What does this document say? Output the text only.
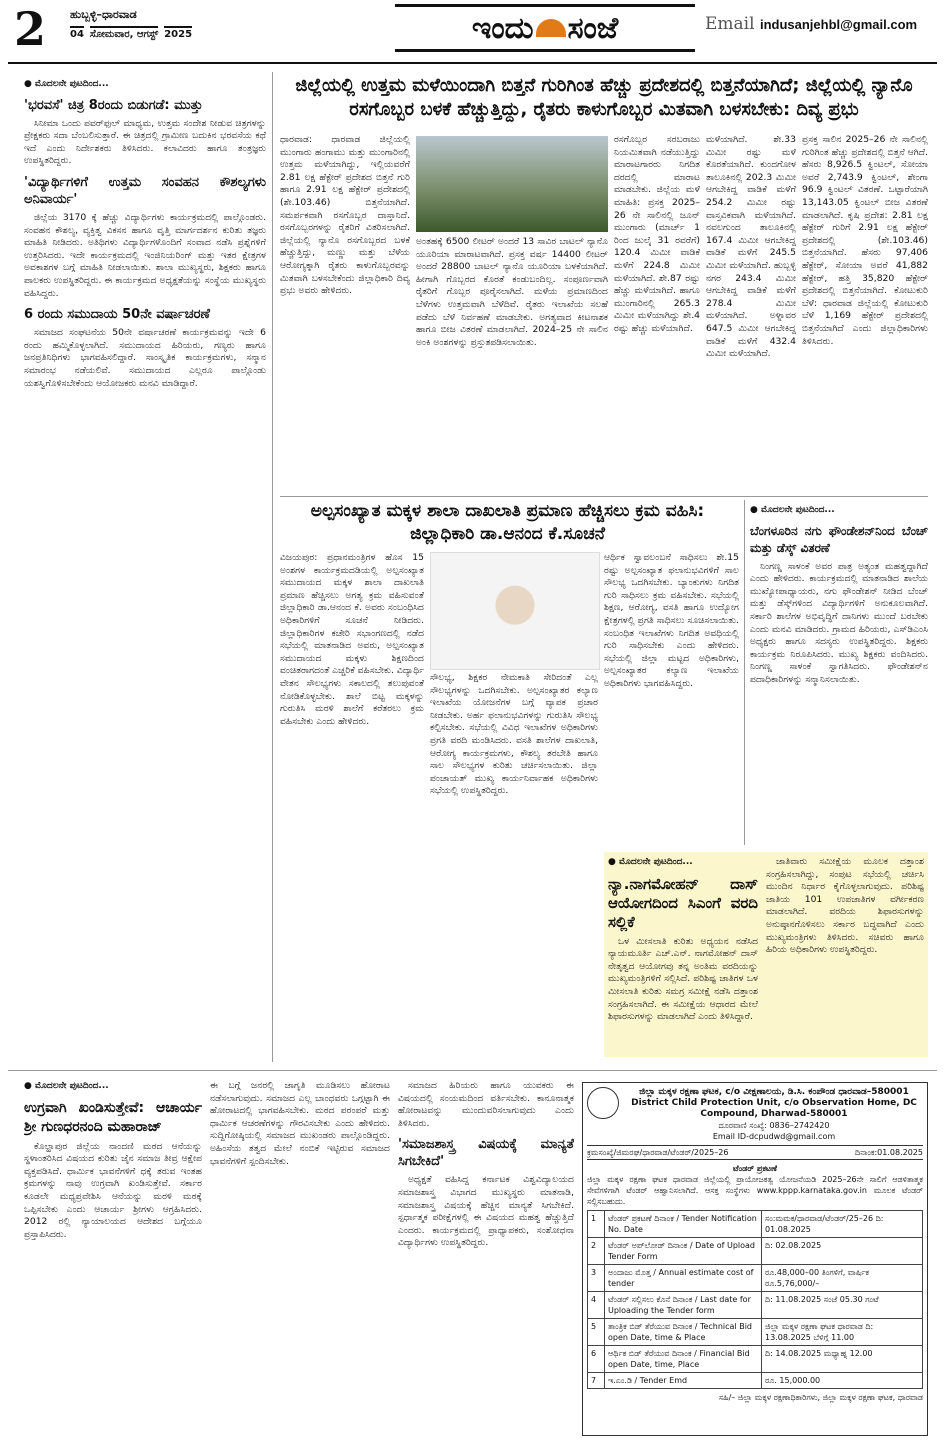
2 ಹುಬ್ಬಳ್ಳಿ–ಧಾರವಾಡ
04 ಸೋಮವಾರ, ಆಗಸ್ಟ್ 2025	ಇಂದು ಸಂಜೆ	Email indusanjehbl@gmail.com
● ಮೊದಲನೇ ಪುಟದಿಂದ...
'ಭರವಸೆ' ಚಿತ್ರ 8ರಂದು ಬಿಡುಗಡೆ: ಮುತ್ತು

ಸಿನೀಮಾ ಒಂದು ಪವರ್‌ಫುಲ್‌ ಮಾಧ್ಯಮ, ಉತ್ತಮ ಸಂದೇಶ ನೀಡುವ ಚಿತ್ರಗಳನ್ನು ಪ್ರೇಕ್ಷಕರು ಸದಾ ಬೆಂಬಲಿಸುತ್ತಾರೆ. ಈ ಚಿತ್ರದಲ್ಲಿ ಗ್ರಾಮೀಣ ಬದುಕಿನ ಭರವಸೆಯ ಕಥೆ ಇದೆ ಎಂದು ನಿರ್ದೇಶಕರು ತಿಳಿಸಿದರು. ಕಲಾವಿದರು ಹಾಗೂ ತಂತ್ರಜ್ಞರು ಉಪಸ್ಥಿತರಿದ್ದರು.

'ವಿದ್ಯಾರ್ಥಿಗಳಿಗೆ ಉತ್ತಮ ಸಂವಹನ ಕೌಶಲ್ಯಗಳು ಅನಿವಾರ್ಯ'

ಜಿಲ್ಲೆಯ 3170 ಕ್ಕೆ ಹೆಚ್ಚು ವಿದ್ಯಾರ್ಥಿಗಳು ಕಾರ್ಯಕ್ರಮದಲ್ಲಿ ಪಾಲ್ಗೊಂಡರು. ಸಂವಹನ ಕೌಶಲ್ಯ, ವ್ಯಕ್ತಿತ್ವ ವಿಕಸನ ಹಾಗೂ ವೃತ್ತಿ ಮಾರ್ಗದರ್ಶನ ಕುರಿತು ತಜ್ಞರು ಮಾಹಿತಿ ನೀಡಿದರು. ಅತಿಥಿಗಳು ವಿದ್ಯಾರ್ಥಿಗಳೊಂದಿಗೆ ಸಂವಾದ ನಡೆಸಿ ಪ್ರಶ್ನೆಗಳಿಗೆ ಉತ್ತರಿಸಿದರು. ಇದೇ ಕಾರ್ಯಕ್ರಮದಲ್ಲಿ ಇಂಜಿನಿಯರಿಂಗ್ ಮತ್ತು ಇತರ ಕ್ಷೇತ್ರಗಳ ಅವಕಾಶಗಳ ಬಗ್ಗೆ ಮಾಹಿತಿ ನೀಡಲಾಯಿತು. ಶಾಲಾ ಮುಖ್ಯಸ್ಥರು, ಶಿಕ್ಷಕರು ಹಾಗೂ ಪಾಲಕರು ಉಪಸ್ಥಿತರಿದ್ದರು. ಈ ಕಾರ್ಯಕ್ರಮದ ಅಧ್ಯಕ್ಷತೆಯನ್ನು ಸಂಸ್ಥೆಯ ಮುಖ್ಯಸ್ಥರು ವಹಿಸಿದ್ದರು.

6 ರಂದು ಸಮುದಾಯ 50ನೇ ವರ್ಷಾಚರಣೆ

ಸಮಾಜದ ಸಂಘಟನೆಯ 50ನೇ ವರ್ಷಾಚರಣೆ ಕಾರ್ಯಕ್ರಮವನ್ನು ಇದೇ 6 ರಂದು ಹಮ್ಮಿಕೊಳ್ಳಲಾಗಿದೆ. ಸಮುದಾಯದ ಹಿರಿಯರು, ಗಣ್ಯರು ಹಾಗೂ ಜನಪ್ರತಿನಿಧಿಗಳು ಭಾಗವಹಿಸಲಿದ್ದಾರೆ. ಸಾಂಸ್ಕೃತಿಕ ಕಾರ್ಯಕ್ರಮಗಳು, ಸನ್ಮಾನ ಸಮಾರಂಭ ನಡೆಯಲಿವೆ. ಸಮುದಾಯದ ಎಲ್ಲರೂ ಪಾಲ್ಗೊಂಡು ಯಶಸ್ವಿಗೊಳಿಸಬೇಕೆಂದು ಆಯೋಜಕರು ಮನವಿ ಮಾಡಿದ್ದಾರೆ.

ಜಿಲ್ಲೆಯಲ್ಲಿ ಉತ್ತಮ ಮಳೆಯಿಂದಾಗಿ ಬಿತ್ತನೆ ಗುರಿಗಿಂತ ಹೆಚ್ಚು ಪ್ರದೇಶದಲ್ಲಿ ಬಿತ್ತನೆಯಾಗಿದೆ; ಜಿಲ್ಲೆಯಲ್ಲಿ ನ್ಯಾನೊ ರಸಗೊಬ್ಬರ ಬಳಕೆ ಹೆಚ್ಚುತ್ತಿದ್ದು, ರೈತರು ಕಾಳುಗೊಬ್ಬರ ಮಿತವಾಗಿ ಬಳಸಬೇಕು: ದಿವ್ಯ ಪ್ರಭು
ಧಾರವಾಡ: ಧಾರವಾಡ ಜಿಲ್ಲೆಯಲ್ಲಿ ಮುಂಗಾರು ಹಂಗಾಮು ಮತ್ತು ಮುಂಗಾರಿನಲ್ಲಿ ಉತ್ತಮ ಮಳೆಯಾಗಿದ್ದು, ಇಲ್ಲಿಯವರೆಗೆ 2.81 ಲಕ್ಷ ಹೆಕ್ಟೇರ್ ಪ್ರದೇಶದ ಬಿತ್ತನೆ ಗುರಿ ಹಾಗೂ 2.91 ಲಕ್ಷ ಹೆಕ್ಟೇರ್ ಪ್ರದೇಶದಲ್ಲಿ (ಶೇ.103.46) ಬಿತ್ತನೆಯಾಗಿದೆ. ಸಮರ್ಪಕವಾಗಿ ರಸಗೊಬ್ಬರ ದಾಸ್ತಾನಿದೆ. ರಸಗೊಬ್ಬರಗಳನ್ನು ರೈತರಿಗೆ ವಿತರಿಸಲಾಗಿದೆ. ಜಿಲ್ಲೆಯಲ್ಲಿ ನ್ಯಾನೊ ರಸಗೊಬ್ಬರದ ಬಳಕೆ ಹೆಚ್ಚುತ್ತಿದ್ದು, ಮಣ್ಣು ಮತ್ತು ಬೆಳೆಯ ಆರೋಗ್ಯಕ್ಕಾಗಿ ರೈತರು ಕಾಳುಗೊಬ್ಬರವನ್ನು ಮಿತವಾಗಿ ಬಳಸಬೇಕೆಂದು ಜಿಲ್ಲಾಧಿಕಾರಿ ದಿವ್ಯ ಪ್ರಭು ಅವರು ಹೇಳಿದರು.
ಅಂತಹಕ್ಕೆ 6500 ಲೀಟರ್ ಅಂದರೆ 13 ಸಾವಿರ ಬಾಟಲ್ ನ್ಯಾನೊ ಯೂರಿಯಾ ಮಾರಾಟವಾಗಿದೆ. ಪ್ರಸಕ್ತ ವರ್ಷ 14400 ಲೀಟರ್ ಅಂದರೆ 28800 ಬಾಟಲ್ ನ್ಯಾನೊ ಯೂರಿಯಾ ಬಳಕೆಯಾಗಿದೆ. ಹೀಗಾಗಿ ಗೊಬ್ಬರದ ಕೊರತೆ ಕಂಡುಬಂದಿಲ್ಲ. ಸಂಪೂರ್ಣವಾಗಿ ರೈತರಿಗೆ ಗೊಬ್ಬರ ಪೂರೈಸಲಾಗಿದೆ. ಮಳೆಯ ಪ್ರಮಾಣದಿಂದ ಬೆಳೆಗಳು ಉತ್ತಮವಾಗಿ ಬೆಳೆದಿವೆ. ರೈತರು ಇಲಾಖೆಯ ಸಲಹೆ ಪಡೆದು ಬೆಳೆ ನಿರ್ವಹಣೆ ಮಾಡಬೇಕು. ಅಗತ್ಯವಾದ ಕೀಟನಾಶಕ ಹಾಗೂ ಬೀಜ ವಿತರಣೆ ಮಾಡಲಾಗಿದೆ. 2024–25 ನೇ ಸಾಲಿನ ಅಂಕಿ ಅಂಶಗಳನ್ನು ಪ್ರಸ್ತುತಪಡಿಸಲಾಯಿತು.
ರಸಗೊಬ್ಬರ ಸರಬರಾಜು ನಿಯಮಿತವಾಗಿ ನಡೆಯುತ್ತಿದ್ದು ಮಾರಾಟಗಾರರು ನಿಗದಿತ ದರದಲ್ಲಿ ಮಾರಾಟ ಮಾಡಬೇಕು. ಜಿಲ್ಲೆಯ ಮಳೆ ಮಾಹಿತಿ: ಪ್ರಸಕ್ತ 2025–26 ನೇ ಸಾಲಿನಲ್ಲಿ ಜೂನ್ ಮುಂಗಾರು (ಮಾರ್ಚ್ 1 ರಿಂದ ಜುಲೈ 31 ರವರೆಗೆ) 120.4 ಮಿಮೀ ವಾಡಿಕೆ ಮಳೆಗೆ 224.8 ಮಿಮೀ ಮಳೆಯಾಗಿದೆ. ಶೇ.87 ರಷ್ಟು ಹೆಚ್ಚು ಮಳೆಯಾಗಿದೆ. ಹಾಗೂ ಮುಂಗಾರಿನಲ್ಲಿ 265.3 ಮಿಮೀ ಮಳೆಯಾಗಿದ್ದು ಶೇ.4 ರಷ್ಟು ಹೆಚ್ಚು ಮಳೆಯಾಗಿದೆ.
ಮಳೆಯಾಗಿದೆ. ಶೇ.33 ಮಿಮೀ ರಷ್ಟು ಮಳೆ ಕೊರತೆಯಾಗಿದೆ. ಕುಂದಗೋಳ ತಾಲೂಕಿನಲ್ಲಿ 202.3 ಮಿಮೀ ಆಗಬೇಕಿದ್ದ ವಾಡಿಕೆ ಮಳೆಗೆ 254.2 ಮಿಮೀ ರಷ್ಟು ವಾಸ್ತವಿಕವಾಗಿ ಮಳೆಯಾಗಿದೆ. ನವಲಗುಂದ ತಾಲೂಕಿನಲ್ಲಿ 167.4 ಮಿಮೀ ಆಗಬೇಕಿದ್ದ ವಾಡಿಕೆ ಮಳೆಗೆ 245.5 ಮಿಮೀ ಮಳೆಯಾಗಿದೆ. ಹುಬ್ಬಳ್ಳಿ ನಗರ 243.4 ಮಿಮೀ ಆಗಬೇಕಿದ್ದ ವಾಡಿಕೆ ಮಳೆಗೆ 278.4 ಮಿಮೀ ಮಳೆಯಾಗಿದೆ. ಅಳ್ನಾವರ 647.5 ಮಿಮೀ ಆಗಬೇಕಿದ್ದ ವಾಡಿಕೆ ಮಳೆಗೆ 432.4 ಮಿಮೀ ಮಳೆಯಾಗಿದೆ.
ಪ್ರಸಕ್ತ ಸಾಲಿನ 2025–26 ನೇ ಸಾಲಿನಲ್ಲಿ ಗುರಿಗಿಂತ ಹೆಚ್ಚು ಪ್ರದೇಶದಲ್ಲಿ ಬಿತ್ತನೆ ಆಗಿದೆ. ಹೆಸರು 8,926.5 ಕ್ವಿಂಟಲ್, ಸೋಯಾ ಅವರೆ 2,743.9 ಕ್ವಿಂಟಲ್, ಶೇಂಗಾ 96.9 ಕ್ವಿಂಟಲ್ ವಿತರಣೆ. ಒಟ್ಟಾರೆಯಾಗಿ 13,143.05 ಕ್ವಿಂಟಲ್ ಬೀಜ ವಿತರಣೆ ಮಾಡಲಾಗಿದೆ. ಕೃಷಿ ಪ್ರದೇಶ: 2.81 ಲಕ್ಷ ಹೆಕ್ಟೇರ್ ಗುರಿಗೆ 2.91 ಲಕ್ಷ ಹೆಕ್ಟೇರ್ ಪ್ರದೇಶದಲ್ಲಿ (ಶೇ.103.46) ಬಿತ್ತನೆಯಾಗಿದೆ. ಹೆಸರು 97,406 ಹೆಕ್ಟೇರ್, ಸೋಯಾ ಅವರೆ 41,882 ಹೆಕ್ಟೇರ್, ಹತ್ತಿ 35,820 ಹೆಕ್ಟೇರ್ ಪ್ರದೇಶದಲ್ಲಿ ಬಿತ್ತನೆಯಾಗಿದೆ. ಕೋಟುಕುರಿ ಬೆಳೆ: ಧಾರವಾಡ ಜಿಲ್ಲೆಯಲ್ಲಿ ಕೋಟುಕುರಿ ಬೆಳೆ 1,169 ಹೆಕ್ಟೇರ್ ಪ್ರದೇಶದಲ್ಲಿ ಬಿತ್ತನೆಯಾಗಿದೆ ಎಂದು ಜಿಲ್ಲಾಧಿಕಾರಿಗಳು ತಿಳಿಸಿದರು.
ಅಲ್ಪಸಂಖ್ಯಾತ ಮಕ್ಕಳ ಶಾಲಾ ದಾಖಲಾತಿ ಪ್ರಮಾಣ ಹೆಚ್ಚಿಸಲು ಕ್ರಮ ವಹಿಸಿ: ಜಿಲ್ಲಾಧಿಕಾರಿ ಡಾ.ಆನಂದ ಕೆ.ಸೂಚನೆ
ವಿಜಯಪುರ: ಪ್ರಧಾನಮಂತ್ರಿಗಳ ಹೊಸ 15 ಅಂಶಗಳ ಕಾರ್ಯಕ್ರಮದಡಿಯಲ್ಲಿ ಅಲ್ಪಸಂಖ್ಯಾತ ಸಮುದಾಯದ ಮಕ್ಕಳ ಶಾಲಾ ದಾಖಲಾತಿ ಪ್ರಮಾಣ ಹೆಚ್ಚಿಸಲು ಅಗತ್ಯ ಕ್ರಮ ವಹಿಸುವಂತೆ ಜಿಲ್ಲಾಧಿಕಾರಿ ಡಾ.ಆನಂದ ಕೆ. ಅವರು ಸಂಬಂಧಿಸಿದ ಅಧಿಕಾರಿಗಳಿಗೆ ಸೂಚನೆ ನೀಡಿದರು. ಜಿಲ್ಲಾಧಿಕಾರಿಗಳ ಕಚೇರಿ ಸಭಾಂಗಣದಲ್ಲಿ ನಡೆದ ಸಭೆಯಲ್ಲಿ ಮಾತನಾಡಿದ ಅವರು, ಅಲ್ಪಸಂಖ್ಯಾತ ಸಮುದಾಯದ ಮಕ್ಕಳು ಶಿಕ್ಷಣದಿಂದ ವಂಚಿತರಾಗದಂತೆ ಎಚ್ಚರಿಕೆ ವಹಿಸಬೇಕು. ವಿದ್ಯಾರ್ಥಿ ವೇತನ ಸೌಲಭ್ಯಗಳು ಸಕಾಲದಲ್ಲಿ ತಲುಪುವಂತೆ ನೋಡಿಕೊಳ್ಳಬೇಕು. ಶಾಲೆ ಬಿಟ್ಟ ಮಕ್ಕಳನ್ನು ಗುರುತಿಸಿ ಮರಳಿ ಶಾಲೆಗೆ ಕರೆತರಲು ಕ್ರಮ ವಹಿಸಬೇಕು ಎಂದು ಹೇಳಿದರು.
ಸೌಲಭ್ಯ, ಶಿಕ್ಷಕರ ನೇಮಕಾತಿ ಸೇರಿದಂತೆ ಎಲ್ಲ ಸೌಲಭ್ಯಗಳನ್ನು ಒದಗಿಸಬೇಕು. ಅಲ್ಪಸಂಖ್ಯಾತರ ಕಲ್ಯಾಣ ಇಲಾಖೆಯ ಯೋಜನೆಗಳ ಬಗ್ಗೆ ವ್ಯಾಪಕ ಪ್ರಚಾರ ನೀಡಬೇಕು. ಅರ್ಹ ಫಲಾನುಭವಿಗಳನ್ನು ಗುರುತಿಸಿ ಸೌಲಭ್ಯ ಕಲ್ಪಿಸಬೇಕು. ಸಭೆಯಲ್ಲಿ ವಿವಿಧ ಇಲಾಖೆಗಳ ಅಧಿಕಾರಿಗಳು ಪ್ರಗತಿ ವರದಿ ಮಂಡಿಸಿದರು. ವಸತಿ ಶಾಲೆಗಳ ದಾಖಲಾತಿ, ಆರೋಗ್ಯ ಕಾರ್ಯಕ್ರಮಗಳು, ಕೌಶಲ್ಯ ತರಬೇತಿ ಹಾಗೂ ಸಾಲ ಸೌಲಭ್ಯಗಳ ಕುರಿತು ಚರ್ಚಿಸಲಾಯಿತು. ಜಿಲ್ಲಾ ಪಂಚಾಯತ್ ಮುಖ್ಯ ಕಾರ್ಯನಿರ್ವಾಹಕ ಅಧಿಕಾರಿಗಳು ಸಭೆಯಲ್ಲಿ ಉಪಸ್ಥಿತರಿದ್ದರು.
ಆರ್ಥಿಕ ಸ್ವಾವಲಂಬನೆ ಸಾಧಿಸಲು ಶೇ.15 ರಷ್ಟು ಅಲ್ಪಸಂಖ್ಯಾತ ಫಲಾನುಭವಿಗಳಿಗೆ ಸಾಲ ಸೌಲಭ್ಯ ಒದಗಿಸಬೇಕು. ಬ್ಯಾಂಕುಗಳು ನಿಗದಿತ ಗುರಿ ಸಾಧಿಸಲು ಕ್ರಮ ವಹಿಸಬೇಕು. ಸಭೆಯಲ್ಲಿ ಶಿಕ್ಷಣ, ಆರೋಗ್ಯ, ವಸತಿ ಹಾಗೂ ಉದ್ಯೋಗ ಕ್ಷೇತ್ರಗಳಲ್ಲಿ ಪ್ರಗತಿ ಸಾಧಿಸಲು ಸೂಚಿಸಲಾಯಿತು. ಸಂಬಂಧಿತ ಇಲಾಖೆಗಳು ನಿಗದಿತ ಅವಧಿಯಲ್ಲಿ ಗುರಿ ಸಾಧಿಸಬೇಕು ಎಂದು ಹೇಳಿದರು. ಸಭೆಯಲ್ಲಿ ಜಿಲ್ಲಾ ಮಟ್ಟದ ಅಧಿಕಾರಿಗಳು, ಅಲ್ಪಸಂಖ್ಯಾತರ ಕಲ್ಯಾಣ ಇಲಾಖೆಯ ಅಧಿಕಾರಿಗಳು ಭಾಗವಹಿಸಿದ್ದರು.
● ಮೊದಲನೇ ಪುಟದಿಂದ...
ಬೆಂಗಳೂರಿನ ನಗು ಫೌಂಡೇಶನ್‌ನಿಂದ ಬೆಂಚ್ ಮತ್ತು ಡೆಸ್ಕ್ ವಿತರಣೆ

ನಿಂಗಣ್ಣ ಸಾಳಂಕೆ ಅವರ ಪಾತ್ರ ಅತ್ಯಂತ ಮಹತ್ವದ್ದಾಗಿದೆ ಎಂದು ಹೇಳಿದರು. ಕಾರ್ಯಕ್ರಮದಲ್ಲಿ ಮಾತನಾಡಿದ ಶಾಲೆಯ ಮುಖ್ಯೋಪಾಧ್ಯಾಯರು, ನಗು ಫೌಂಡೇಶನ್ ನೀಡಿದ ಬೆಂಚ್ ಮತ್ತು ಡೆಸ್ಕ್‌ಗಳಿಂದ ವಿದ್ಯಾರ್ಥಿಗಳಿಗೆ ಅನುಕೂಲವಾಗಿದೆ. ಸರ್ಕಾರಿ ಶಾಲೆಗಳ ಅಭಿವೃದ್ಧಿಗೆ ದಾನಿಗಳು ಮುಂದೆ ಬರಬೇಕು ಎಂದು ಮನವಿ ಮಾಡಿದರು. ಗ್ರಾಮದ ಹಿರಿಯರು, ಎಸ್‌ಡಿಎಂಸಿ ಅಧ್ಯಕ್ಷರು ಹಾಗೂ ಸದಸ್ಯರು ಉಪಸ್ಥಿತರಿದ್ದರು. ಶಿಕ್ಷಕರು ಕಾರ್ಯಕ್ರಮ ನಿರೂಪಿಸಿದರು. ಮುಖ್ಯ ಶಿಕ್ಷಕರು ವಂದಿಸಿದರು. ನಿಂಗಣ್ಣ ಸಾಳಂಕೆ ಸ್ವಾಗತಿಸಿದರು. ಫೌಂಡೇಶನ್‌ನ ಪದಾಧಿಕಾರಿಗಳನ್ನು ಸನ್ಮಾನಿಸಲಾಯಿತು.

● ಮೊದಲನೇ ಪುಟದಿಂದ...
ನ್ಯಾ.ನಾಗಮೋಹನ್ ದಾಸ್ ಆಯೋಗದಿಂದ ಸಿಎಂಗೆ ವರದಿ ಸಲ್ಲಿಕೆ

ಒಳ ಮೀಸಲಾತಿ ಕುರಿತು ಅಧ್ಯಯನ ನಡೆಸಿದ ನ್ಯಾಯಮೂರ್ತಿ ಎಚ್.ಎನ್. ನಾಗಮೋಹನ್ ದಾಸ್ ನೇತೃತ್ವದ ಆಯೋಗವು ತನ್ನ ಅಂತಿಮ ವರದಿಯನ್ನು ಮುಖ್ಯಮಂತ್ರಿಗಳಿಗೆ ಸಲ್ಲಿಸಿದೆ. ಪರಿಶಿಷ್ಟ ಜಾತಿಗಳ ಒಳ ಮೀಸಲಾತಿ ಕುರಿತು ಸಮಗ್ರ ಸಮೀಕ್ಷೆ ನಡೆಸಿ ದತ್ತಾಂಶ ಸಂಗ್ರಹಿಸಲಾಗಿದೆ. ಈ ಸಮೀಕ್ಷೆಯ ಆಧಾರದ ಮೇಲೆ ಶಿಫಾರಸುಗಳನ್ನು ಮಾಡಲಾಗಿದೆ ಎಂದು ತಿಳಿಸಿದ್ದಾರೆ.

ಜಾತಿವಾರು ಸಮೀಕ್ಷೆಯ ಮೂಲಕ ದತ್ತಾಂಶ ಸಂಗ್ರಹಿಸಲಾಗಿದ್ದು, ಸಂಪುಟ ಸಭೆಯಲ್ಲಿ ಚರ್ಚಿಸಿ ಮುಂದಿನ ನಿರ್ಧಾರ ಕೈಗೊಳ್ಳಲಾಗುವುದು. ಪರಿಶಿಷ್ಟ ಜಾತಿಯ 101 ಉಪಜಾತಿಗಳ ವರ್ಗೀಕರಣ ಮಾಡಲಾಗಿದೆ. ವರದಿಯ ಶಿಫಾರಸುಗಳನ್ನು ಅನುಷ್ಠಾನಗೊಳಿಸಲು ಸರ್ಕಾರ ಬದ್ಧವಾಗಿದೆ ಎಂದು ಮುಖ್ಯಮಂತ್ರಿಗಳು ತಿಳಿಸಿದರು. ಸಚಿವರು ಹಾಗೂ ಹಿರಿಯ ಅಧಿಕಾರಿಗಳು ಉಪಸ್ಥಿತರಿದ್ದರು.

● ಮೊದಲನೇ ಪುಟದಿಂದ...
ಉಗ್ರವಾಗಿ ಖಂಡಿಸುತ್ತೇವೆ: ಆಚಾರ್ಯ ಶ್ರೀ ಗುಣಧರನಂದಿ ಮಹಾರಾಜ್

ಕೊಲ್ಹಾಪುರ ಜಿಲ್ಲೆಯ ನಾಂದಣಿ ಮಠದ ಆನೆಯನ್ನು ಸ್ಥಳಾಂತರಿಸಿದ ವಿಷಯದ ಕುರಿತು ಜೈನ ಸಮಾಜ ತೀವ್ರ ಆಕ್ಷೇಪ ವ್ಯಕ್ತಪಡಿಸಿದೆ. ಧಾರ್ಮಿಕ ಭಾವನೆಗಳಿಗೆ ಧಕ್ಕೆ ತರುವ ಇಂತಹ ಕ್ರಮಗಳನ್ನು ನಾವು ಉಗ್ರವಾಗಿ ಖಂಡಿಸುತ್ತೇವೆ. ಸರ್ಕಾರ ಕೂಡಲೇ ಮಧ್ಯಪ್ರವೇಶಿಸಿ ಆನೆಯನ್ನು ಮರಳಿ ಮಠಕ್ಕೆ ಒಪ್ಪಿಸಬೇಕು ಎಂದು ಆಚಾರ್ಯ ಶ್ರೀಗಳು ಆಗ್ರಹಿಸಿದರು. 2012 ರಲ್ಲಿ ನ್ಯಾಯಾಲಯದ ಆದೇಶದ ಬಗ್ಗೆಯೂ ಪ್ರಸ್ತಾಪಿಸಿದರು.

ಈ ಬಗ್ಗೆ ಜನರಲ್ಲಿ ಜಾಗೃತಿ ಮೂಡಿಸಲು ಹೋರಾಟ ನಡೆಸಲಾಗುವುದು. ಸಮಾಜದ ಎಲ್ಲ ಬಾಂಧವರು ಒಗ್ಗಟ್ಟಾಗಿ ಈ ಹೋರಾಟದಲ್ಲಿ ಭಾಗವಹಿಸಬೇಕು. ಮಠದ ಪರಂಪರೆ ಮತ್ತು ಧಾರ್ಮಿಕ ಆಚರಣೆಗಳನ್ನು ಗೌರವಿಸಬೇಕು ಎಂದು ಹೇಳಿದರು. ಸುದ್ದಿಗೋಷ್ಠಿಯಲ್ಲಿ ಸಮಾಜದ ಮುಖಂಡರು ಪಾಲ್ಗೊಂಡಿದ್ದರು. ಅಹಿಂಸೆಯ ತತ್ವದ ಮೇಲೆ ನಂಬಿಕೆ ಇಟ್ಟಿರುವ ಸಮಾಜದ ಭಾವನೆಗಳಿಗೆ ಸ್ಪಂದಿಸಬೇಕು.

ಸಮಾಜದ ಹಿರಿಯರು ಹಾಗೂ ಯುವಕರು ಈ ವಿಷಯದಲ್ಲಿ ಸಂಯಮದಿಂದ ವರ್ತಿಸಬೇಕು. ಕಾನೂನಾತ್ಮಕ ಹೋರಾಟವನ್ನು ಮುಂದುವರಿಸಲಾಗುವುದು ಎಂದು ತಿಳಿಸಿದರು.

'ಸಮಾಜಶಾಸ್ತ್ರ ವಿಷಯಕ್ಕೆ ಮಾನ್ಯತೆ ಸಿಗಬೇಕಿದೆ'

ಅಧ್ಯಕ್ಷತೆ ವಹಿಸಿದ್ದ ಕರ್ನಾಟಕ ವಿಶ್ವವಿದ್ಯಾಲಯದ ಸಮಾಜಶಾಸ್ತ್ರ ವಿಭಾಗದ ಮುಖ್ಯಸ್ಥರು ಮಾತನಾಡಿ, ಸಮಾಜಶಾಸ್ತ್ರ ವಿಷಯಕ್ಕೆ ಹೆಚ್ಚಿನ ಮಾನ್ಯತೆ ಸಿಗಬೇಕಿದೆ. ಸ್ಪರ್ಧಾತ್ಮಕ ಪರೀಕ್ಷೆಗಳಲ್ಲಿ ಈ ವಿಷಯದ ಮಹತ್ವ ಹೆಚ್ಚುತ್ತಿದೆ ಎಂದರು. ಕಾರ್ಯಕ್ರಮದಲ್ಲಿ ಪ್ರಾಧ್ಯಾಪಕರು, ಸಂಶೋಧನಾ ವಿದ್ಯಾರ್ಥಿಗಳು ಉಪಸ್ಥಿತರಿದ್ದರು.

ಜಿಲ್ಲಾ ಮಕ್ಕಳ ರಕ್ಷಣಾ ಘಟಕ, c/o ವೀಕ್ಷಣಾಲಯ, ಡಿ.ಸಿ. ಕಂಪೌಂಡ ಧಾರವಾಡ–580001
District Child Protection Unit, c/o Observation Home, DC Compound, Dharwad-580001
ದೂರವಾಣಿ ಸಂಖ್ಯೆ: 0836–2742420
Email ID-dcpudwd@gmail.com
ಕ್ರಮಸಂಖ್ಯೆ/ಜಿಮರಘ/ಧಾರವಾಡ/ಟೆಂಡರ್/2025–26	ದಿನಾಂಕ:01.08.2025
ಟೆಂಡರ್ ಪ್ರಕಟಣೆ
ಜಿಲ್ಲಾ ಮಕ್ಕಳ ರಕ್ಷಣಾ ಘಟಕ ಧಾರವಾಡ ಜಿಲ್ಲೆಯಲ್ಲಿ ಪ್ರಾಯೋಜಕತ್ವ ಯೋಜನೆಯಡಿ 2025–26ನೇ ಸಾಲಿಗೆ ಆಡಳಿತಾತ್ಮಕ ಸೇವೆಗಳಿಗಾಗಿ ಟೆಂಡರ್ ಆಹ್ವಾನಿಸಲಾಗಿದೆ. ಆಸಕ್ತ ಸಂಸ್ಥೆಗಳು www.kppp.karnataka.gov.in ಮೂಲಕ ಟೆಂಡರ್ ಸಲ್ಲಿಸಬಹುದು.
1	ಟೆಂಡರ್ ಪ್ರಕಟಣೆ ದಿನಾಂಕ / Tender Notification No. Date	ಸಂ:ಮಮಕ/ಧಾರವಾಡ/ಟೆಂಡರ್/25–26 ದಿ: 01.08.2025
2	ಟೆಂಡರ್ ಅಪ್‌ಲೋಡ್ ದಿನಾಂಕ / Date of Upload Tender Form	ದಿ: 02.08.2025
3	ಅಂದಾಜು ಮೊತ್ತ / Annual estimate cost of tender	ರೂ.48,000–00 ತಿಂಗಳಿಗೆ, ವಾರ್ಷಿಕ ರೂ.5,76,000/–
4	ಟೆಂಡರ್ ಸಲ್ಲಿಸಲು ಕೊನೆ ದಿನಾಂಕ / Last date for Uploading the Tender form	ದಿ: 11.08.2025 ಸಂಜೆ 05.30 ಗಂಟೆ
5	ತಾಂತ್ರಿಕ ಬಿಡ್ ತೆರೆಯುವ ದಿನಾಂಕ / Technical Bid open Date, time & Place	ಜಿಲ್ಲಾ ಮಕ್ಕಳ ರಕ್ಷಣಾ ಘಟಕ ಧಾರವಾಡ ದಿ: 13.08.2025 ಬೆಳಿಗ್ಗೆ 11.00
6	ಆರ್ಥಿಕ ಬಿಡ್ ತೆರೆಯುವ ದಿನಾಂಕ / Financial Bid open Date, time, Place	ದಿ: 14.08.2025 ಮಧ್ಯಾಹ್ನ 12.00
7	ಇ.ಎಂ.ಡಿ / Tender Emd	ರೂ. 15,000.00
ಸಹಿ/– ಜಿಲ್ಲಾ ಮಕ್ಕಳ ರಕ್ಷಣಾಧಿಕಾರಿಗಳು, ಜಿಲ್ಲಾ ಮಕ್ಕಳ ರಕ್ಷಣಾ ಘಟಕ, ಧಾರವಾಡ
